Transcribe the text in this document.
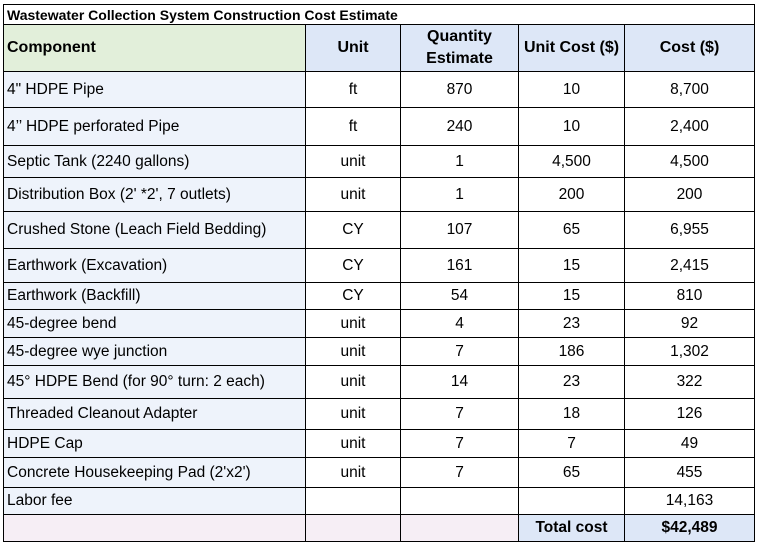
Wastewater Collection System Construction Cost Estimate				
Component	Unit	Quantity Estimate	Unit Cost ($)	Cost ($)
4" HDPE Pipe	ft	870	10	8,700
4’’ HDPE perforated Pipe	ft	240	10	2,400
Septic Tank (2240 gallons)	unit	1	4,500	4,500
Distribution Box (2' *2', 7 outlets)	unit	1	200	200
Crushed Stone (Leach Field Bedding)	CY	107	65	6,955
Earthwork (Excavation)	CY	161	15	2,415
Earthwork (Backfill)	CY	54	15	810
45-degree bend	unit	4	23	92
45-degree wye junction	unit	7	186	1,302
45° HDPE Bend (for 90° turn: 2 each)	unit	14	23	322
Threaded Cleanout Adapter	unit	7	18	126
HDPE Cap	unit	7	7	49
Concrete Housekeeping Pad (2'x2')	unit	7	65	455
Labor fee				14,163
			Total cost	$42,489
